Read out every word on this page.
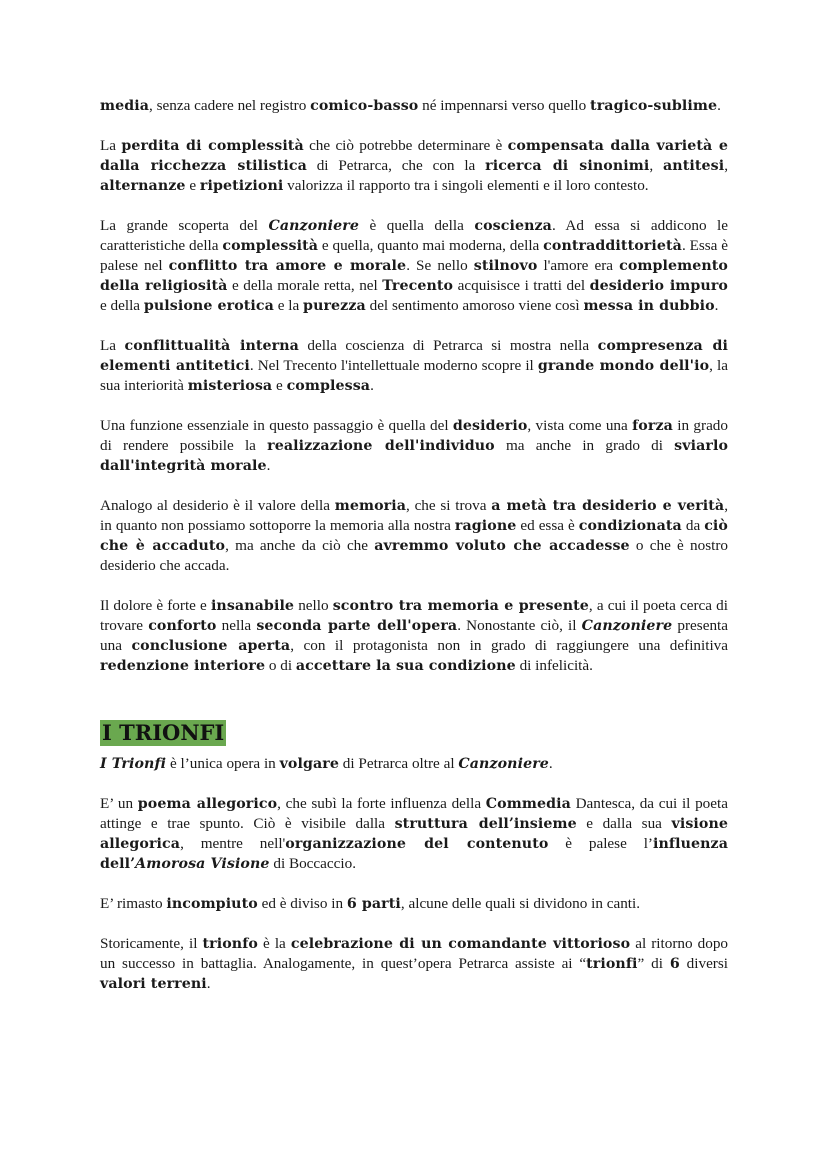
media, senza cadere nel registro comico-basso né impennarsi verso quello tragico-sublime.

La perdita di complessità che ciò potrebbe determinare è compensata dalla varietà e dalla ricchezza stilistica di Petrarca, che con la ricerca di sinonimi, antitesi, alternanze e ripetizioni valorizza il rapporto tra i singoli elementi e il loro contesto.

La grande scoperta del Canzoniere è quella della coscienza. Ad essa si addicono le caratteristiche della complessità e quella, quanto mai moderna, della contraddittorietà. Essa è palese nel conflitto tra amore e morale. Se nello stilnovo l'amore era complemento della religiosità e della morale retta, nel Trecento acquisisce i tratti del desiderio impuro e della pulsione erotica e la purezza del sentimento amoroso viene così messa in dubbio.

La conflittualità interna della coscienza di Petrarca si mostra nella compresenza di elementi antitetici. Nel Trecento l'intellettuale moderno scopre il grande mondo dell'io, la sua interiorità misteriosa e complessa.

Una funzione essenziale in questo passaggio è quella del desiderio, vista come una forza in grado di rendere possibile la realizzazione dell'individuo ma anche in grado di sviarlo dall'integrità morale.

Analogo al desiderio è il valore della memoria, che si trova a metà tra desiderio e verità, in quanto non possiamo sottoporre la memoria alla nostra ragione ed essa è condizionata da ciò che è accaduto, ma anche da ciò che avremmo voluto che accadesse o che è nostro desiderio che accada.

Il dolore è forte e insanabile nello scontro tra memoria e presente, a cui il poeta cerca di trovare conforto nella seconda parte dell'opera. Nonostante ciò, il Canzoniere presenta una conclusione aperta, con il protagonista non in grado di raggiungere una definitiva redenzione interiore o di accettare la sua condizione di infelicità.

I TRIONFI

I Trionfi è l’unica opera in volgare di Petrarca oltre al Canzoniere.

E’ un poema allegorico, che subì la forte influenza della Commedia Dantesca, da cui il poeta attinge e trae spunto. Ciò è visibile dalla struttura dell’insieme e dalla sua visione allegorica, mentre nell'organizzazione del contenuto è palese l’influenza dell’Amorosa Visione di Boccaccio.

E’ rimasto incompiuto ed è diviso in 6 parti, alcune delle quali si dividono in canti.

Storicamente, il trionfo è la celebrazione di un comandante vittorioso al ritorno dopo un successo in battaglia. Analogamente, in quest’opera Petrarca assiste ai “trionfi” di 6 diversi valori terreni.
